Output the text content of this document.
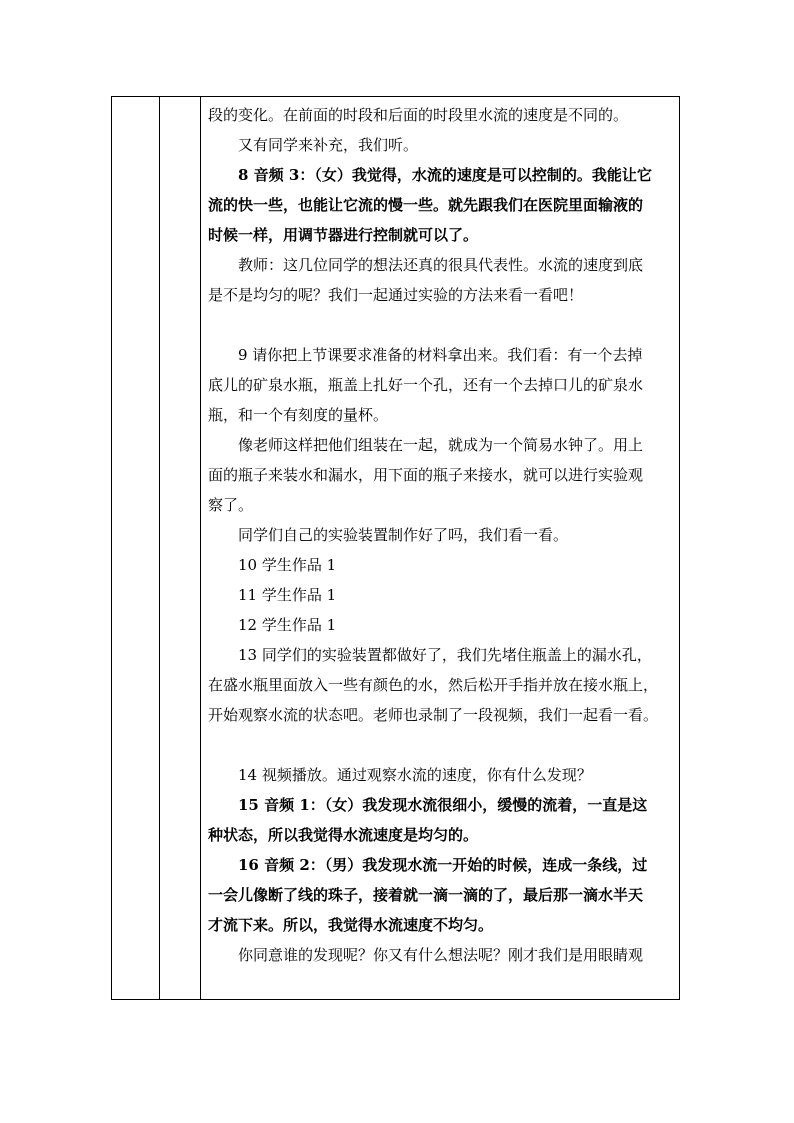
段的变化。在前面的时段和后面的时段里水流的速度是不同的。
又有同学来补充，我们听。
8 音频 3：（女）我觉得，水流的速度是可以控制的。我能让它
流的快一些，也能让它流的慢一些。就先跟我们在医院里面输液的
时候一样，用调节器进行控制就可以了。
教师：这几位同学的想法还真的很具代表性。水流的速度到底
是不是均匀的呢？我们一起通过实验的方法来看一看吧！
9 请你把上节课要求准备的材料拿出来。我们看：有一个去掉
底儿的矿泉水瓶，瓶盖上扎好一个孔，还有一个去掉口儿的矿泉水
瓶，和一个有刻度的量杯。
像老师这样把他们组装在一起，就成为一个简易水钟了。用上
面的瓶子来装水和漏水，用下面的瓶子来接水，就可以进行实验观
察了。
同学们自己的实验装置制作好了吗，我们看一看。
10 学生作品 1
11 学生作品 1
12 学生作品 1
13 同学们的实验装置都做好了，我们先堵住瓶盖上的漏水孔，
在盛水瓶里面放入一些有颜色的水，然后松开手指并放在接水瓶上，
开始观察水流的状态吧。老师也录制了一段视频，我们一起看一看。
14 视频播放。通过观察水流的速度，你有什么发现？
15 音频 1：（女）我发现水流很细小，缓慢的流着，一直是这
种状态，所以我觉得水流速度是均匀的。
16 音频 2：（男）我发现水流一开始的时候，连成一条线，过
一会儿像断了线的珠子，接着就一滴一滴的了，最后那一滴水半天
才流下来。所以，我觉得水流速度不均匀。
你同意谁的发现呢？你又有什么想法呢？刚才我们是用眼睛观
